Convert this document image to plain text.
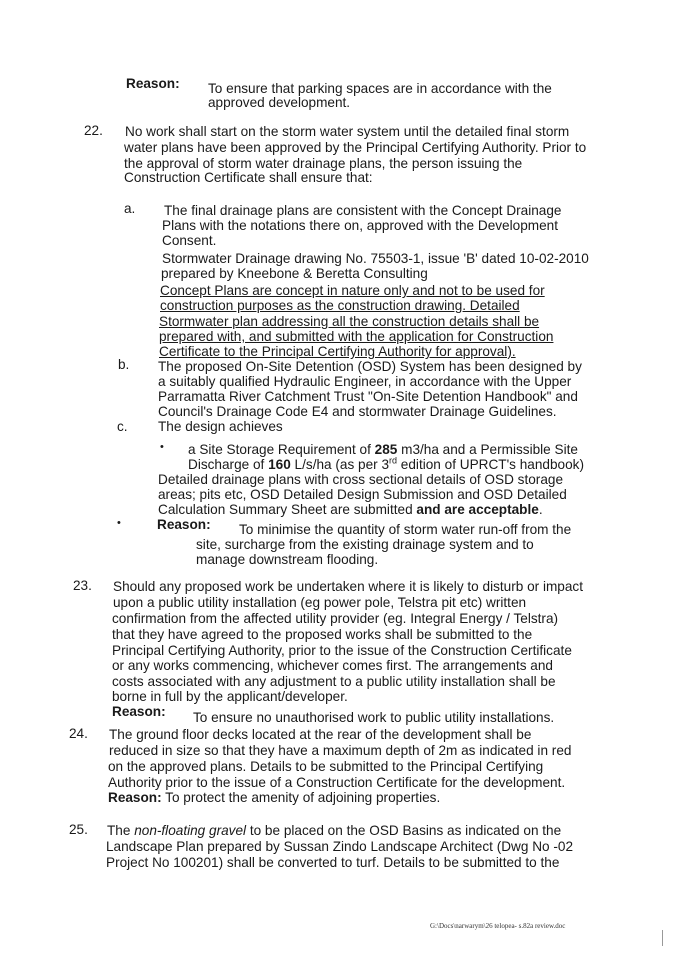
Reason: To ensure that parking spaces are in accordance with the
approved development.
22. No work shall start on the storm water system until the detailed final storm
water plans have been approved by the Principal Certifying Authority. Prior to
the approval of storm water drainage plans, the person issuing the
Construction Certificate shall ensure that:
a. The final drainage plans are consistent with the Concept Drainage
Plans with the notations there on, approved with the Development
Consent.
Stormwater Drainage drawing No. 75503-1, issue 'B' dated 10-02-2010
prepared by Kneebone & Beretta Consulting
Concept Plans are concept in nature only and not to be used for
construction purposes as the construction drawing. Detailed
Stormwater plan addressing all the construction details shall be
prepared with, and submitted with the application for Construction
Certificate to the Principal Certifying Authority for approval).
b. The proposed On-Site Detention (OSD) System has been designed by
a suitably qualified Hydraulic Engineer, in accordance with the Upper
Parramatta River Catchment Trust "On-Site Detention Handbook" and
Council's Drainage Code E4 and stormwater Drainage Guidelines.
c. The design achieves
• a Site Storage Requirement of 285 m3/ha and a Permissible Site
Discharge of 160 L/s/ha (as per 3rd edition of UPRCT's handbook)
Detailed drainage plans with cross sectional details of OSD storage
areas; pits etc, OSD Detailed Design Submission and OSD Detailed
Calculation Summary Sheet are submitted and are acceptable.
•	Reason: To minimise the quantity of storm water run-off from the
site, surcharge from the existing drainage system and to
manage downstream flooding.
23. Should any proposed work be undertaken where it is likely to disturb or impact
upon a public utility installation (eg power pole, Telstra pit etc) written
confirmation from the affected utility provider (eg. Integral Energy / Telstra)
that they have agreed to the proposed works shall be submitted to the
Principal Certifying Authority, prior to the issue of the Construction Certificate
or any works commencing, whichever comes first. The arrangements and
costs associated with any adjustment to a public utility installation shall be
borne in full by the applicant/developer.
Reason: To ensure no unauthorised work to public utility installations.
24. The ground floor decks located at the rear of the development shall be
reduced in size so that they have a maximum depth of 2m as indicated in red
on the approved plans. Details to be submitted to the Principal Certifying
Authority prior to the issue of a Construction Certificate for the development.
Reason: To protect the amenity of adjoining properties.
25. The non-floating gravel to be placed on the OSD Basins as indicated on the
Landscape Plan prepared by Sussan Zindo Landscape Architect (Dwg No -02
Project No 100201) shall be converted to turf. Details to be submitted to the
G:\Docs\narwarym\26 telopea- s.82a review.doc
